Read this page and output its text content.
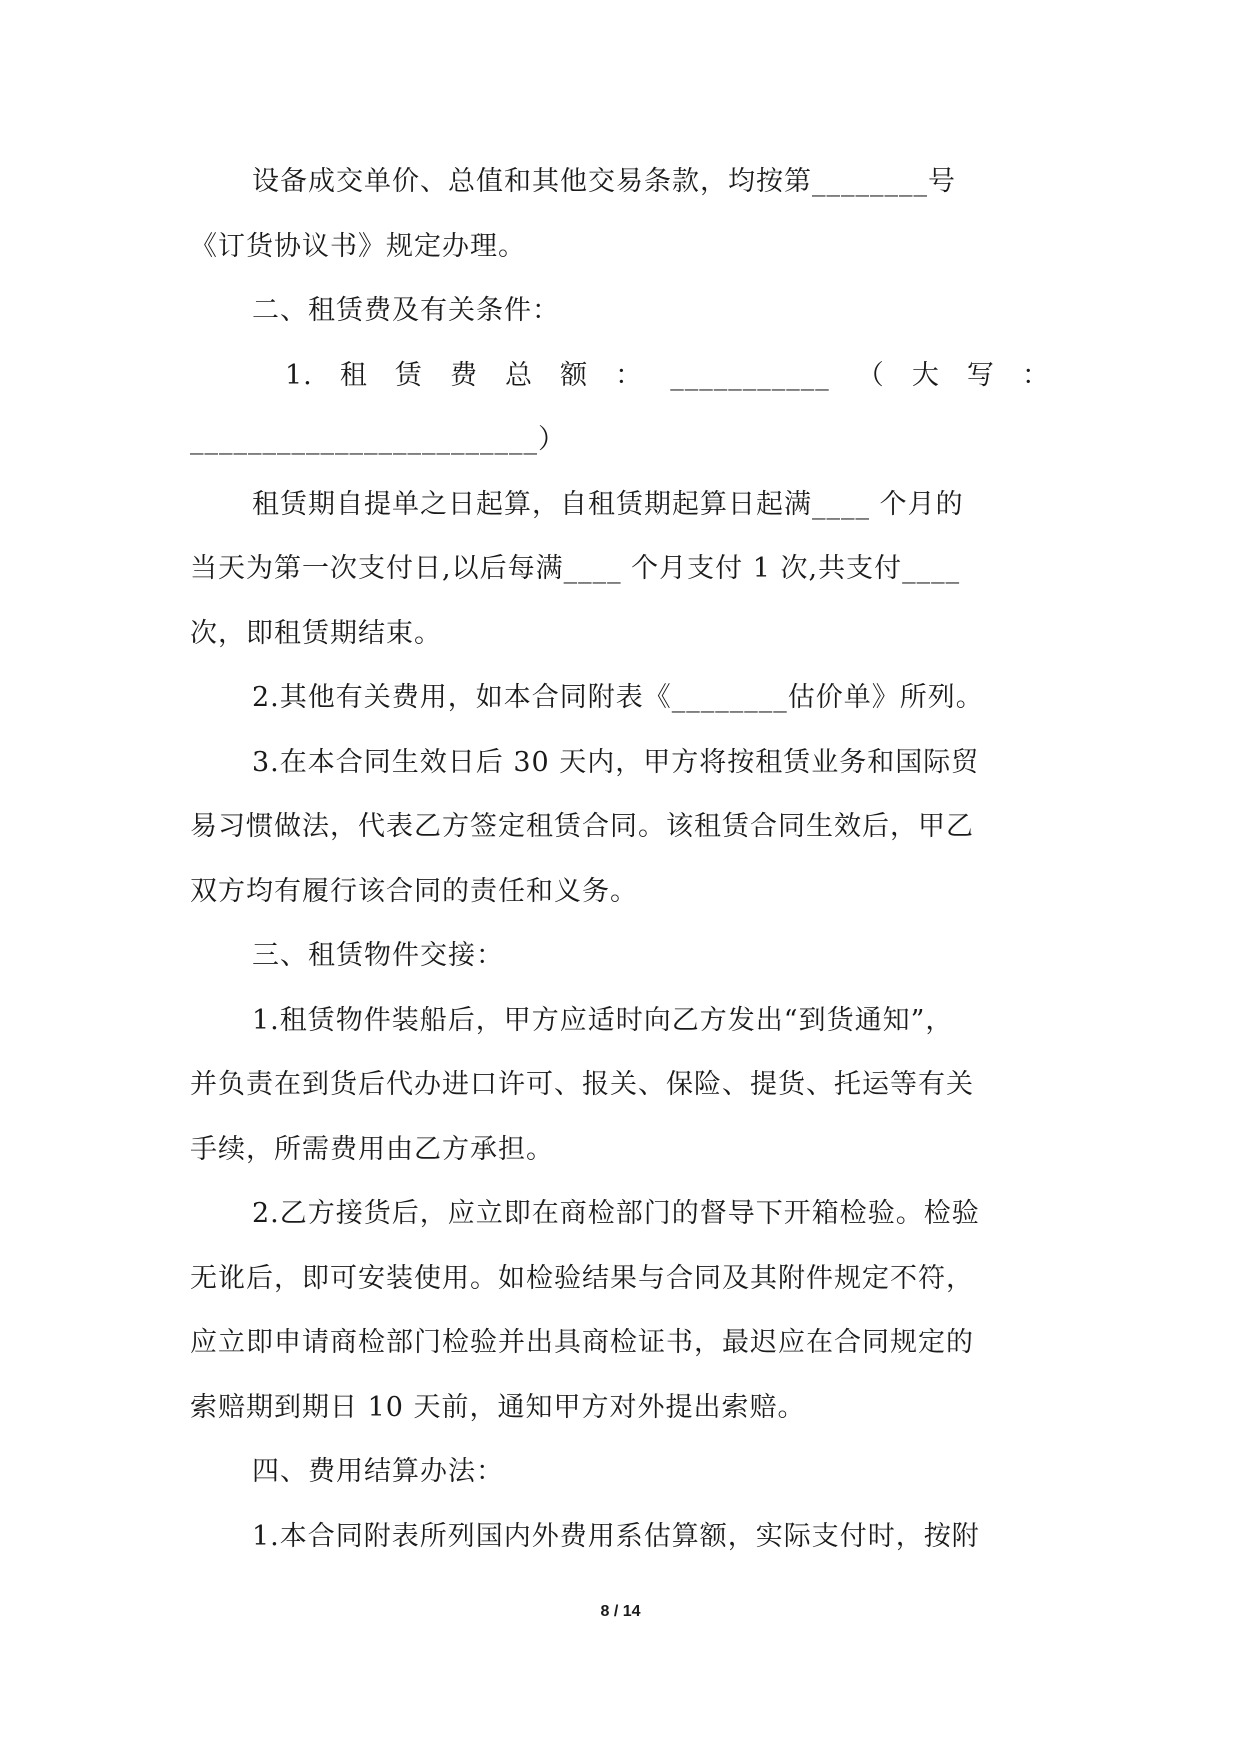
设备成交单价、总值和其他交易条款，均按第________号
《订货协议书》规定办理。
二、租赁费及有关条件：
1. 租 赁 费 总 额 ： ___________ （ 大 写 ：
________________________）
租赁期自提单之日起算，自租赁期起算日起满____ 个月的
当天为第一次支付日,以后每满____ 个月支付 1 次,共支付____
次，即租赁期结束。
2.其他有关费用，如本合同附表《________估价单》所列。
3.在本合同生效日后 30 天内，甲方将按租赁业务和国际贸
易习惯做法，代表乙方签定租赁合同。该租赁合同生效后，甲乙
双方均有履行该合同的责任和义务。
三、租赁物件交接：
1.租赁物件装船后，甲方应适时向乙方发出“到货通知”，
并负责在到货后代办进口许可、报关、保险、提货、托运等有关
手续，所需费用由乙方承担。
2.乙方接货后，应立即在商检部门的督导下开箱检验。检验
无讹后，即可安装使用。如检验结果与合同及其附件规定不符，
应立即申请商检部门检验并出具商检证书，最迟应在合同规定的
索赔期到期日 10 天前，通知甲方对外提出索赔。
四、费用结算办法：
1.本合同附表所列国内外费用系估算额，实际支付时，按附
8 / 14
